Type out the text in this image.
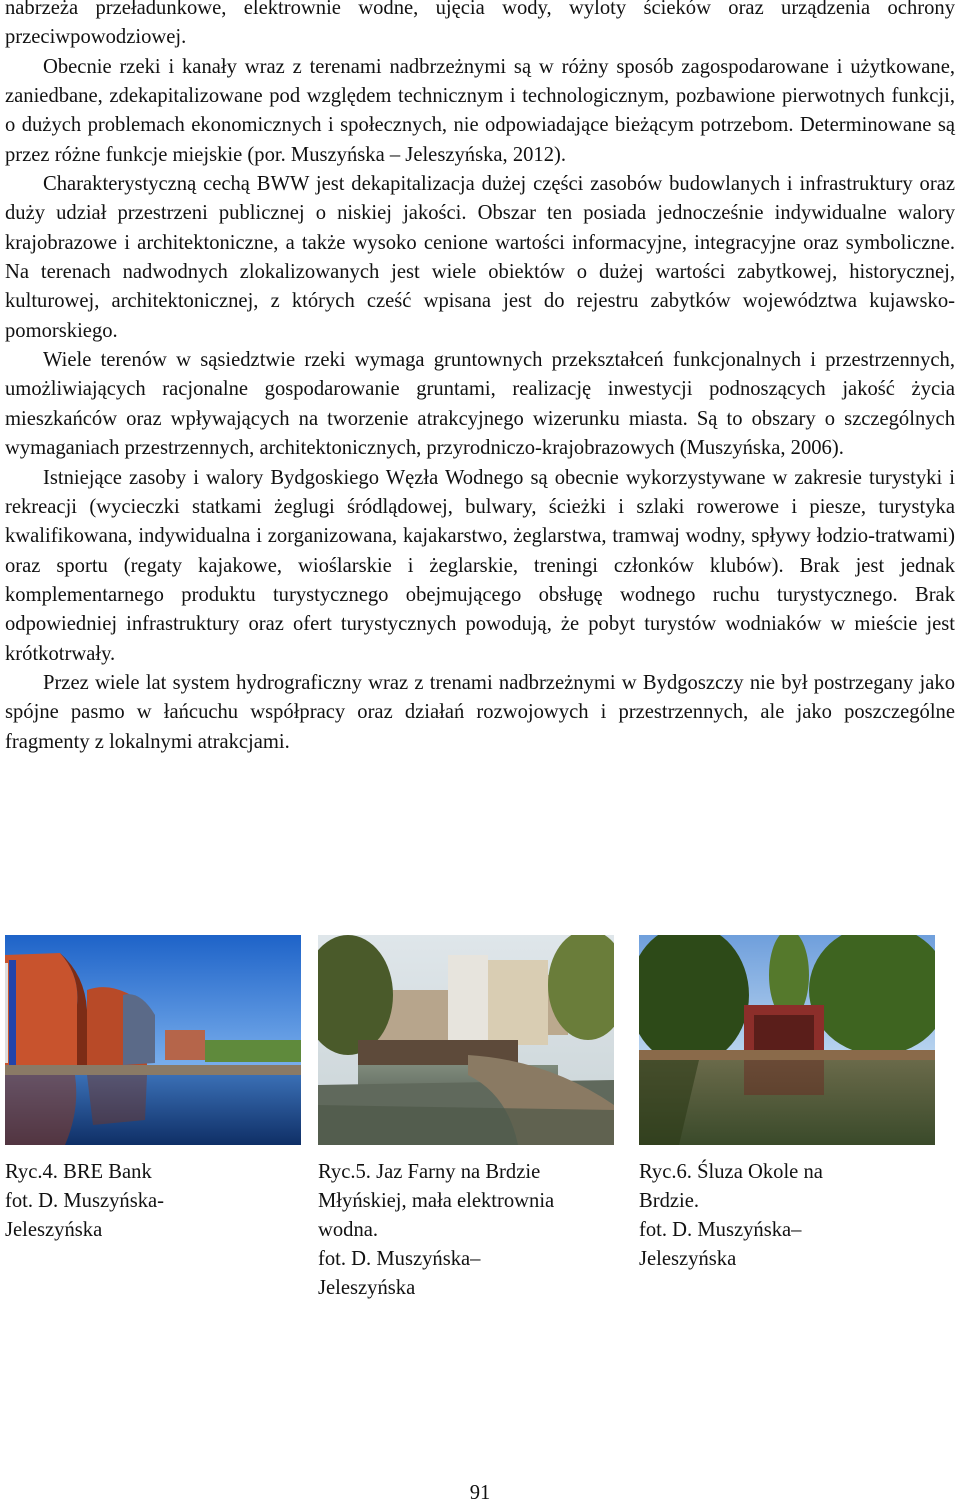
nabrzeża przeładunkowe, elektrownie wodne, ujęcia wody, wyloty ścieków oraz urządzenia ochrony przeciwpowodziowej.

Obecnie rzeki i kanały wraz z terenami nadbrzeżnymi są w różny sposób zagospodarowane i użytkowane, zaniedbane, zdekapitalizowane pod względem technicznym i technologicznym, pozbawione pierwotnych funkcji, o dużych problemach ekonomicznych i społecznych, nie odpowiadające bieżącym potrzebom. Determinowane są przez różne funkcje miejskie (por. Muszyńska – Jeleszyńska, 2012).

Charakterystyczną cechą BWW jest dekapitalizacja dużej części zasobów budowlanych i infrastruktury oraz duży udział przestrzeni publicznej o niskiej jakości. Obszar ten posiada jednocześnie indywidualne walory krajobrazowe i architektoniczne, a także wysoko cenione wartości informacyjne, integracyjne oraz symboliczne. Na terenach nadwodnych zlokalizowanych jest wiele obiektów o dużej wartości zabytkowej, historycznej, kulturowej, architektonicznej, z których cześć wpisana jest do rejestru zabytków województwa kujawsko-pomorskiego.

Wiele terenów w sąsiedztwie rzeki wymaga gruntownych przekształceń funkcjonalnych i przestrzennych, umożliwiających racjonalne gospodarowanie gruntami, realizację inwestycji podnoszących jakość życia mieszkańców oraz wpływających na tworzenie atrakcyjnego wizerunku miasta. Są to obszary o szczególnych wymaganiach przestrzennych, architektonicznych, przyrodniczo-krajobrazowych (Muszyńska, 2006).

Istniejące zasoby i walory Bydgoskiego Węzła Wodnego są obecnie wykorzystywane w zakresie turystyki i rekreacji (wycieczki statkami żeglugi śródlądowej, bulwary, ścieżki i szlaki rowerowe i piesze, turystyka kwalifikowana, indywidualna i zorganizowana, kajakarstwo, żeglarstwa, tramwaj wodny, spływy łodzio-tratwami) oraz sportu (regaty kajakowe, wioślarskie i żeglarskie, treningi członków klubów). Brak jest jednak komplementarnego produktu turystycznego obejmującego obsługę wodnego ruchu turystycznego. Brak odpowiedniej infrastruktury oraz ofert turystycznych powodują, że pobyt turystów wodniaków w mieście jest krótkotrwały.

Przez wiele lat system hydrograficzny wraz z trenami nadbrzeżnymi w Bydgoszczy nie był postrzegany jako spójne pasmo w łańcuchu współpracy oraz działań rozwojowych i przestrzennych, ale jako poszczególne fragmenty z lokalnymi atrakcjami.

Ryc.4. BRE Bank
fot. D. Muszyńska-
Jeleszyńska
Ryc.5. Jaz Farny na Brdzie
Młyńskiej, mała elektrownia
wodna.
fot. D. Muszyńska–
Jeleszyńska
Ryc.6. Śluza Okole na
Brdzie.
fot. D. Muszyńska–
Jeleszyńska
91
